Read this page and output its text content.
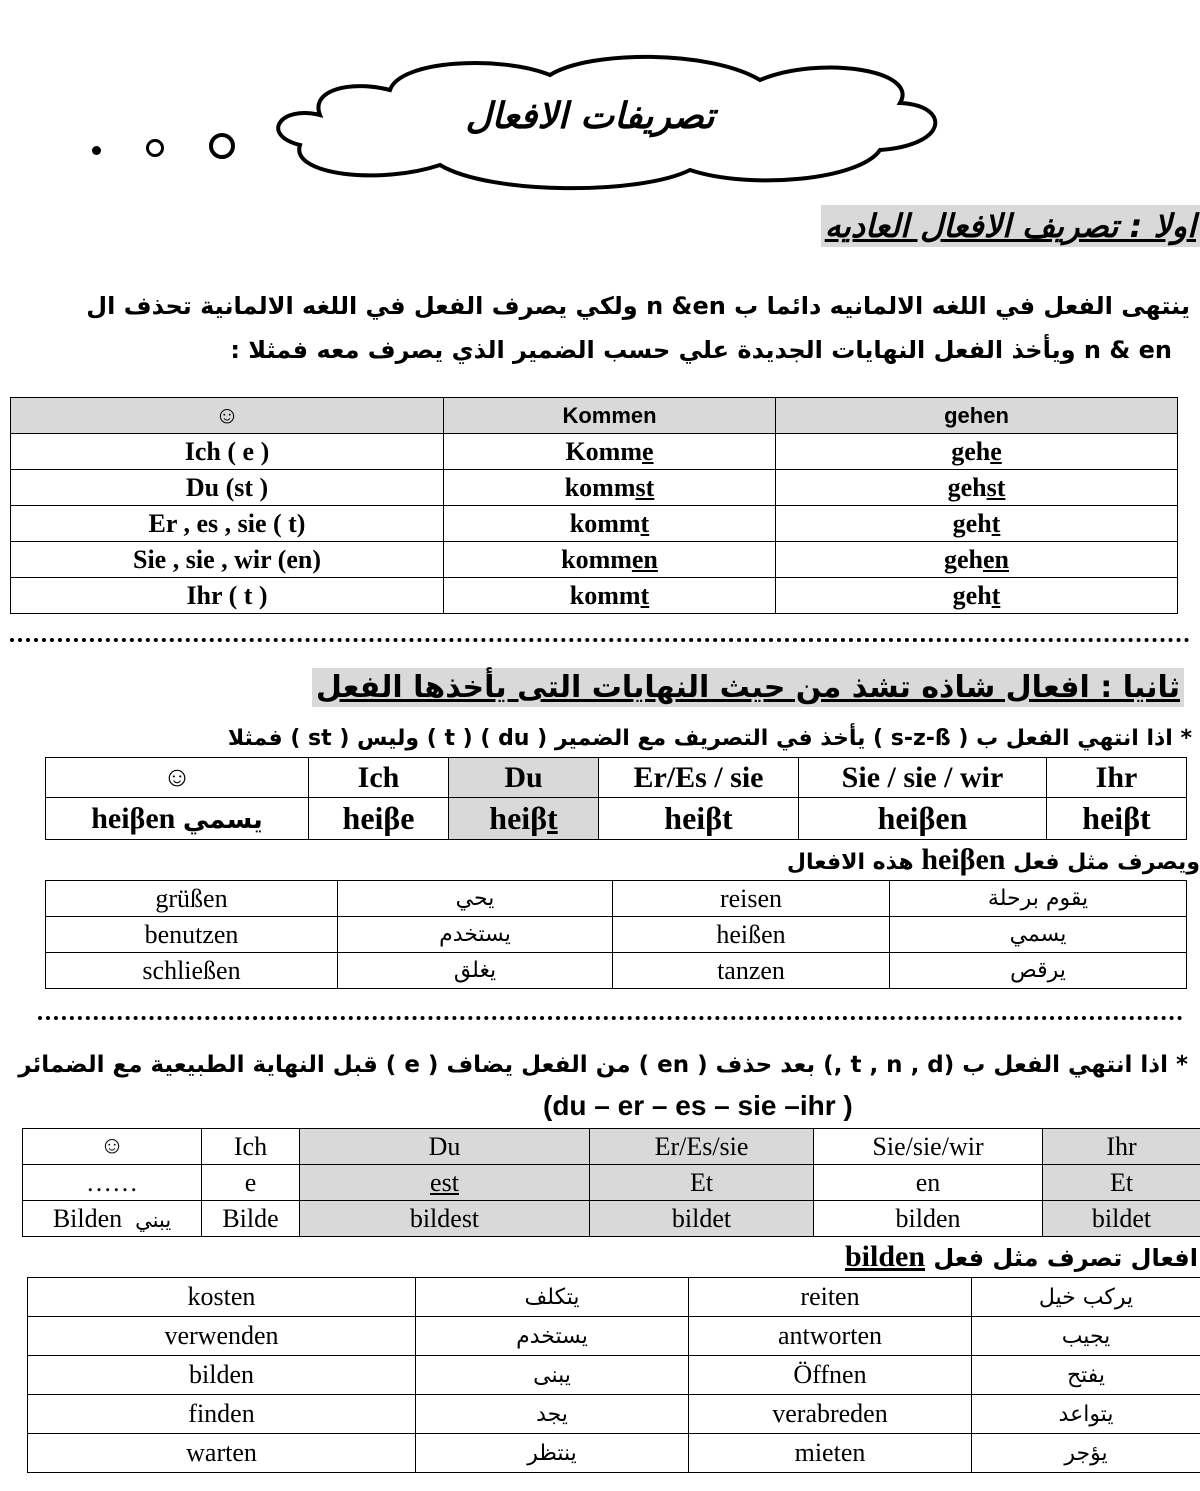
تصريفات الافعال
اولا : تصريف الافعال العاديه
ينتهى الفعل في اللغه الالمانيه دائما ب n &en ولكي يصرف الفعل في اللغه الالمانية تحذف ال
n & en ويأخذ الفعل النهايات الجديدة علي حسب الضمير الذي يصرف معه فمثلا :
☺	Kommen	gehen
Ich ( e )	Komme	gehe
Du (st )	kommst	gehst
Er , es , sie ( t)	kommt	geht
Sie , sie , wir (en)	kommen	gehen
Ihr ( t )	kommt	geht
ثانيا : افعال شاذه تشذ من حيث النهايات التى يأخذها الفعل
* اذا انتهي الفعل ب ( s-z-ß ) يأخذ في التصريف مع الضمير ( du ) ( t ) وليس ( st ) فمثلا
☺	Ich	Du	Er/Es / sie	Sie / sie / wir	Ihr
heiβen يسمي	heiβe	heiβt	heiβt	heiβen	heiβt
ويصرف مثل فعل heiβen هذه الافعال
grüßen	يحي	reisen	يقوم برحلة
benutzen	يستخدم	heißen	يسمي
schließen	يغلق	tanzen	يرقص
* اذا انتهي الفعل ب (t , n , d ,) بعد حذف ( en ) من الفعل يضاف ( e ) قبل النهاية الطبيعية مع الضمائر
(du – er – es – sie –ihr )
☺	Ich	Du	Er/Es/sie	Sie/sie/wir	Ihr
……	e	est	Et	en	Et
Bilden يبني	Bilde	bildest	bildet	bilden	bildet
افعال تصرف مثل فعل bilden
kosten	يتكلف	reiten	يركب خيل
verwenden	يستخدم	antworten	يجيب
bilden	يبنى	Öffnen	يفتح
finden	يجد	verabreden	يتواعد
warten	ينتظر	mieten	يؤجر
